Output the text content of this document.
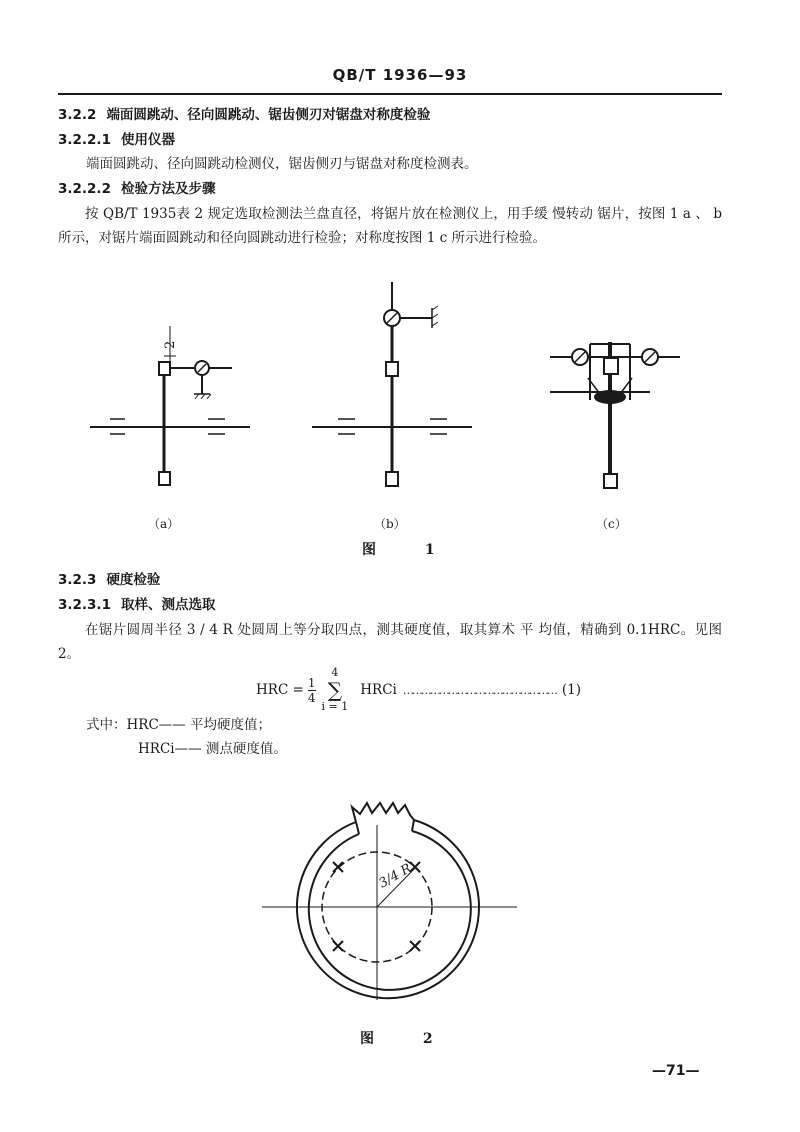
QB/T 1936—93
3.2.2 端面圆跳动、径向圆跳动、锯齿侧刃对锯盘对称度检验
3.2.2.1 使用仪器
端面圆跳动、径向圆跳动检测仪，锯齿侧刃与锯盘对称度检测表。
3.2.2.2 检验方法及步骤
按 QB/T 1935表 2 规定选取检测法兰盘直径，将锯片放在检测仪上，用手缓 慢转动 锯片，按图 1 a 、 b 所示，对锯片端面圆跳动和径向圆跳动进行检验；对称度按图 1 c 所示进行检验。
2
（a）	（b）	（c）
图 1
3.2.3 硬度检验
3.2.3.1 取样、测点选取
在锯片圆周半径 3 / 4 R 处圆周上等分取四点，测其硬度值，取其算术 平 均值，精确到 0.1HRC。见图 2。
HRC = $\frac{1}{4}$
4
∑
i = 1
HRCi …………………………………………… (1)
式中：HRC—— 平均硬度值；
HRCi—— 测点硬度值。
3/4 R
图 2
—71—
